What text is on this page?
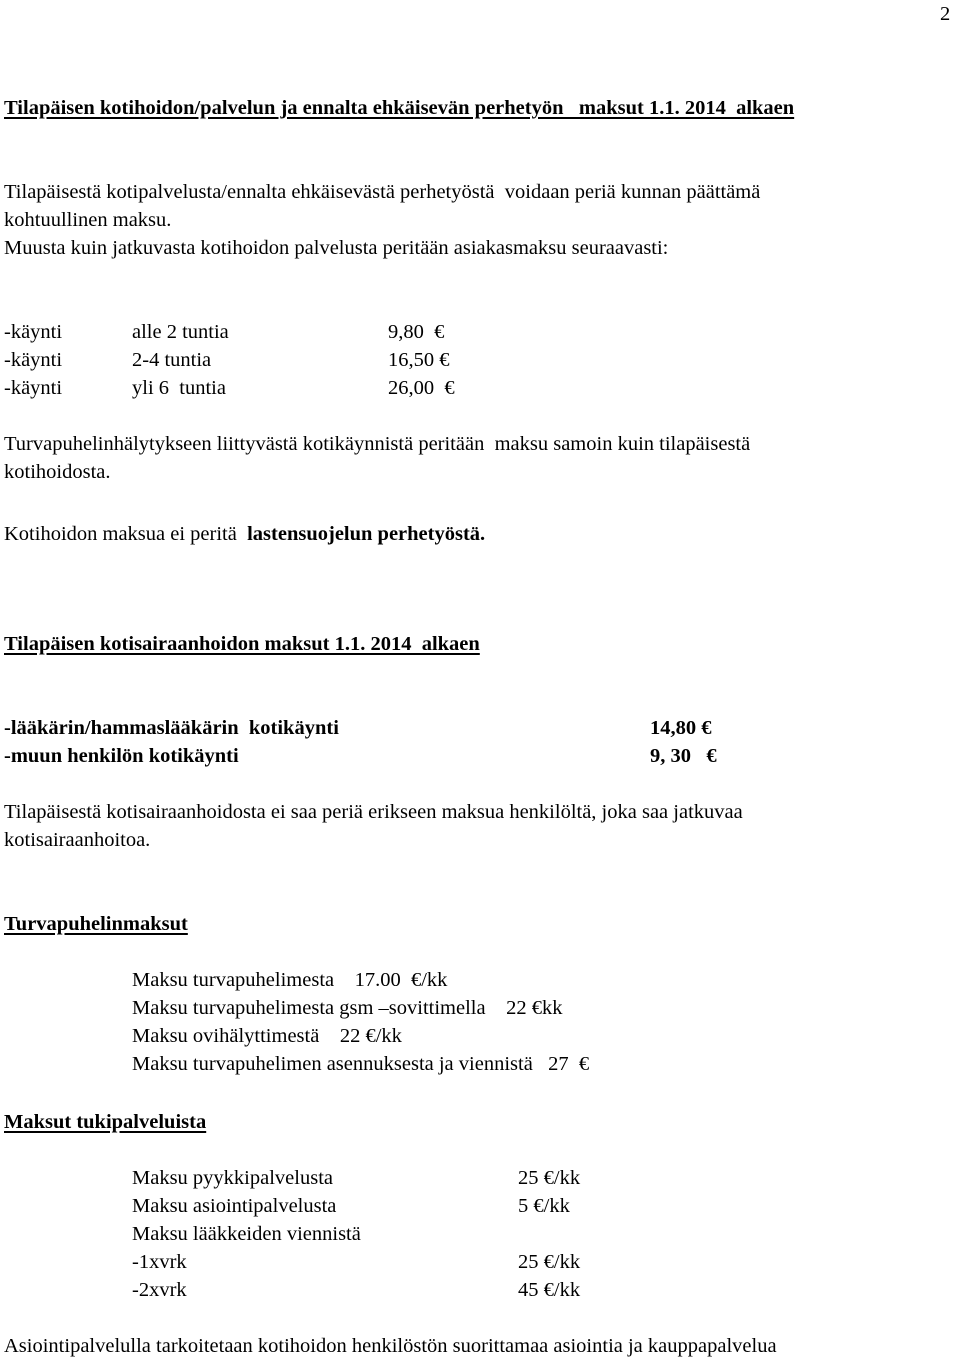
2
Tilapäisen kotihoidon/palvelun ja ennalta ehkäisevän perhetyön   maksut 1.1. 2014  alkaen
Tilapäisestä kotipalvelusta/ennalta ehkäisevästä perhetyöstä  voidaan periä kunnan päättämä
kohtuullinen maksu.
Muusta kuin jatkuvasta kotihoidon palvelusta peritään asiakasmaksu seuraavasti:
-käynti	alle 2 tuntia	9,80  €
-käynti	2-4 tuntia	16,50 €
-käynti	yli 6  tuntia	26,00  €
Turvapuhelinhälytykseen liittyvästä kotikäynnistä peritään  maksu samoin kuin tilapäisestä
kotihoidosta.
Kotihoidon maksua ei peritä  lastensuojelun perhetyöstä.
Tilapäisen kotisairaanhoidon maksut 1.1. 2014  alkaen
-lääkärin/hammaslääkärin  kotikäynti	14,80 €
-muun henkilön kotikäynti	9, 30   €
Tilapäisestä kotisairaanhoidosta ei saa periä erikseen maksua henkilöltä, joka saa jatkuvaa
kotisairaanhoitoa.
Turvapuhelinmaksut
Maksu turvapuhelimesta    17.00  €/kk
Maksu turvapuhelimesta gsm –sovittimella    22 €kk
Maksu ovihälyttimestä    22 €/kk
Maksu turvapuhelimen asennuksesta ja viennistä   27  €
Maksut tukipalveluista
Maksu pyykkipalvelusta	25 €/kk
Maksu asiointipalvelusta	5 €/kk
Maksu lääkkeiden viennistä
-1xvrk	25 €/kk
-2xvrk	45 €/kk
Asiointipalvelulla tarkoitetaan kotihoidon henkilöstön suorittamaa asiointia ja kauppapalvelua
